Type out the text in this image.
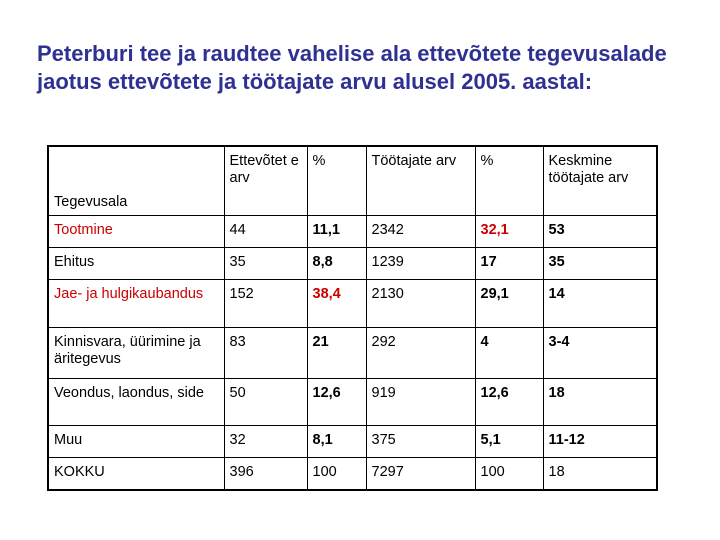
Peterburi tee ja raudtee vahelise ala ettevõtete tegevusalade jaotus ettevõtete ja töötajate arvu alusel 2005. aastal:
Tegevusala	Ettevõtet e arv	%	Töötajate arv	%	Keskmine töötajate arv
Tootmine	44	11,1	2342	32,1	53
Ehitus	35	8,8	1239	17	35
Jae- ja hulgikaubandus	152	38,4	2130	29,1	14
Kinnisvara, üürimine ja äritegevus	83	21	292	4	3-4
Veondus, laondus, side	50	12,6	919	12,6	18
Muu	32	8,1	375	5,1	11-12
KOKKU	396	100	7297	100	18
